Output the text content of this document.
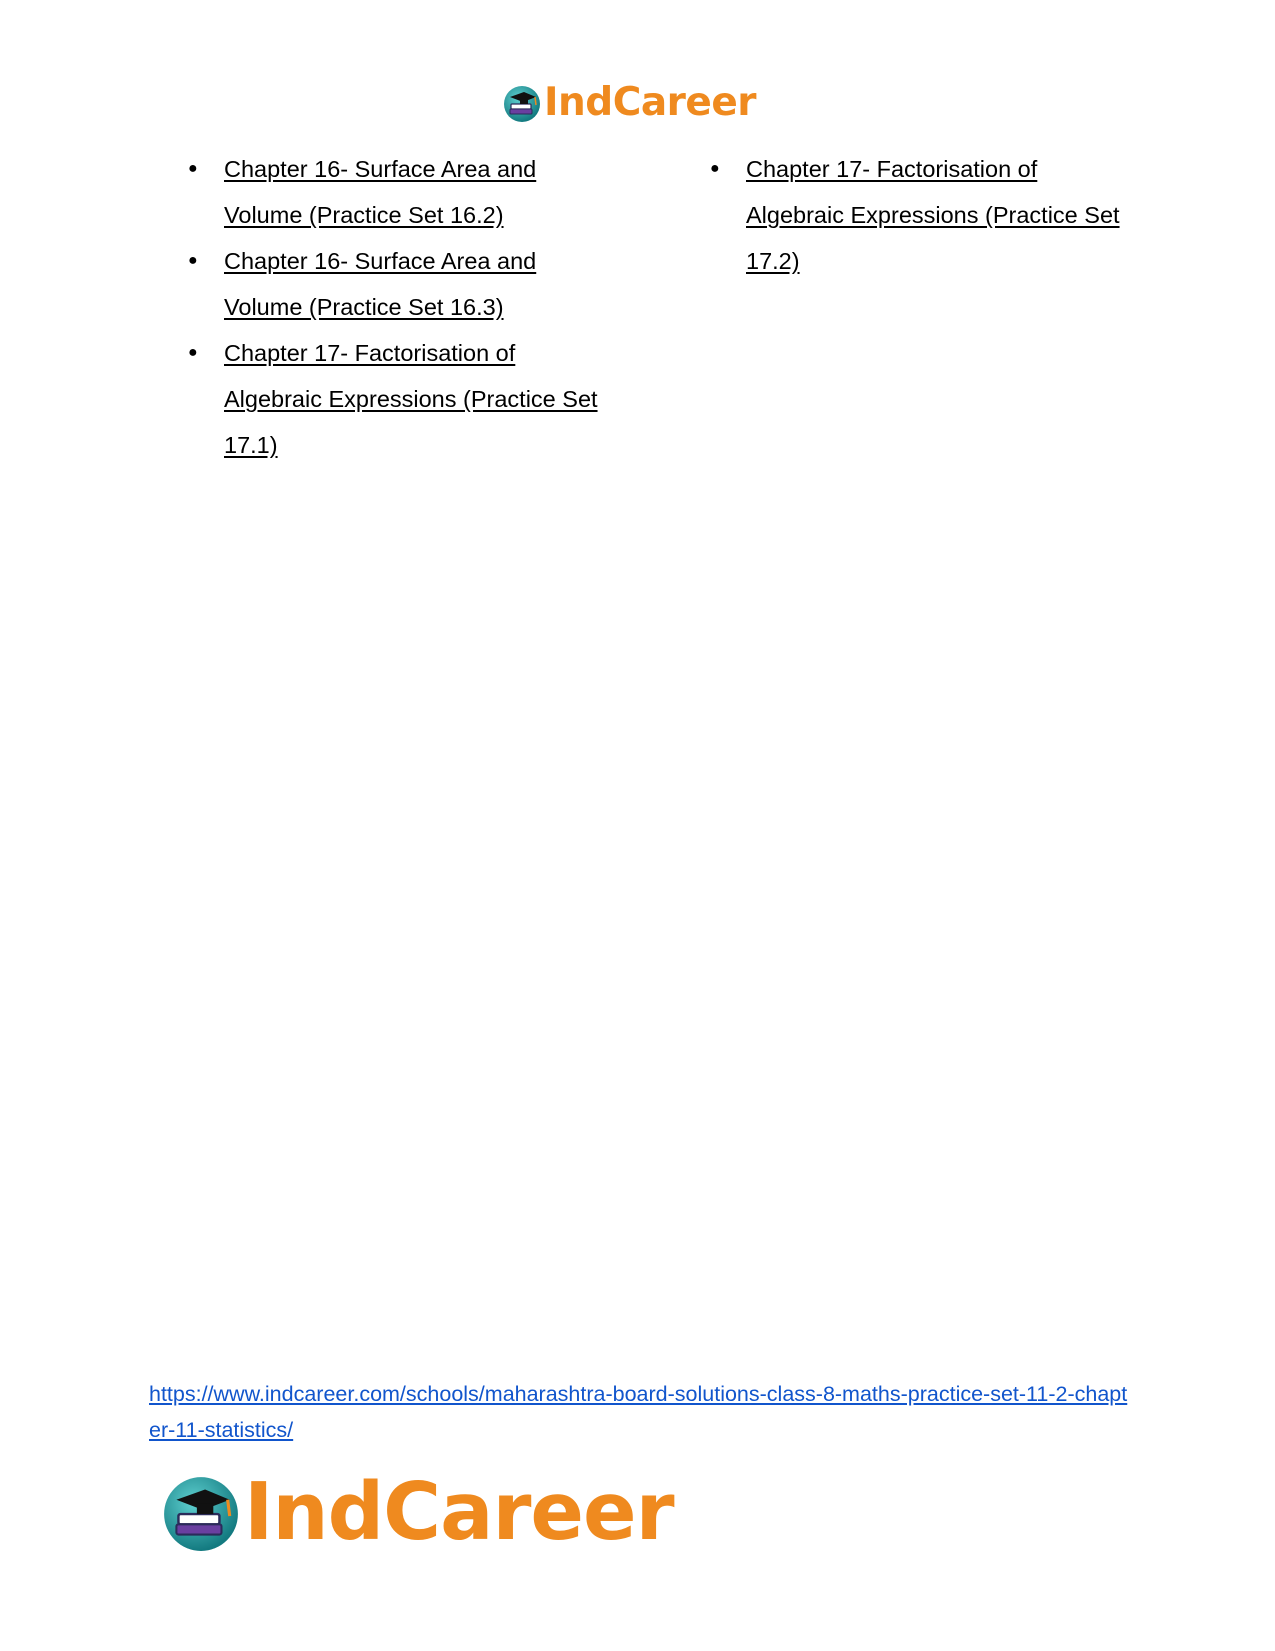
IndCareer
● Chapter 16- Surface Area and Volume (Practice Set 16.2)
● Chapter 16- Surface Area and Volume (Practice Set 16.3)
● Chapter 17- Factorisation of Algebraic Expressions (Practice Set 17.1)
● Chapter 17- Factorisation of Algebraic Expressions (Practice Set 17.2)
https://www.indcareer.com/schools/maharashtra-board-solutions-class-8-maths-practice-set-11-2-chapter-11-statistics/
IndCareer
